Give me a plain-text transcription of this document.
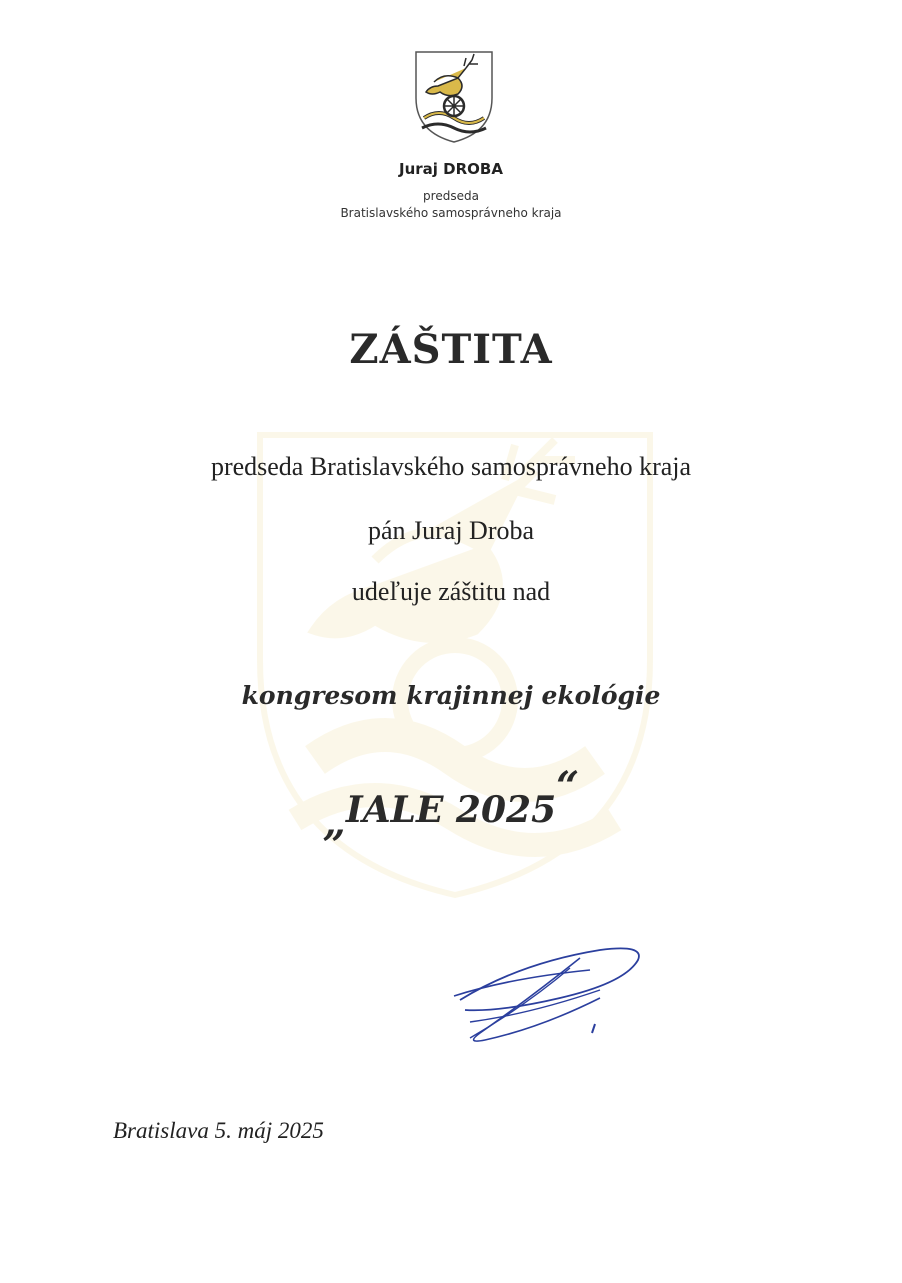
Juraj DROBA
predseda
Bratislavského samosprávneho kraja
ZÁŠTITA
predseda Bratislavského samosprávneho kraja
pán Juraj Droba
udeľuje záštitu nad
kongresom krajinnej ekológie
„IALE 2025“
Bratislava 5. máj 2025
